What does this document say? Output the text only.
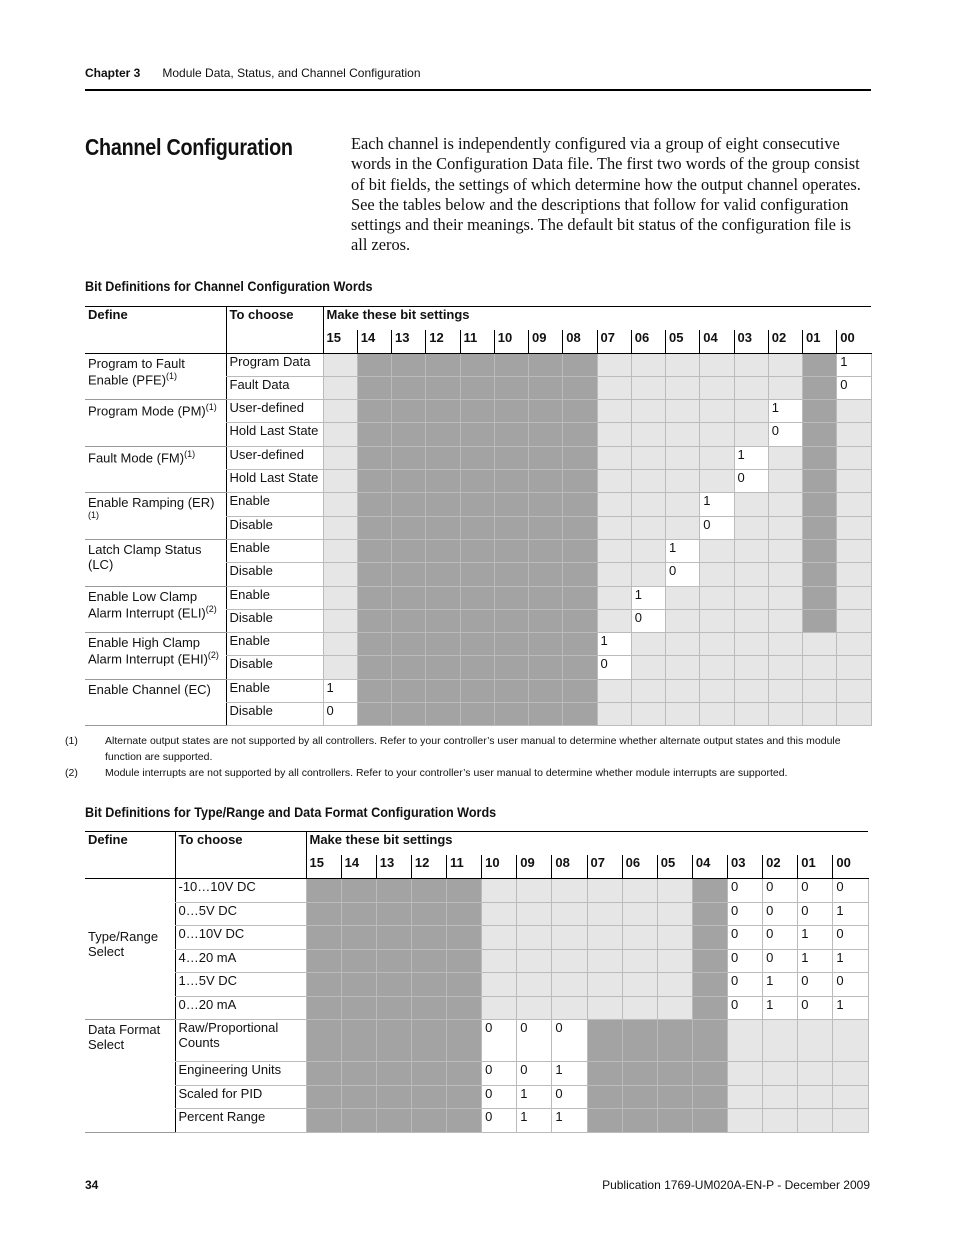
Chapter 3 Module Data, Status, and Channel Configuration
Channel Configuration	Each channel is independently configured via a group of eight consecutive words in the Configuration Data file. The first two words of the group consist of bit fields, the settings of which determine how the output channel operates. See the tables below and the descriptions that follow for valid configuration settings and their meanings. The default bit status of the configuration file is all zeros.
Bit Definitions for Channel Configuration Words
Define	To choose	Make these bit settings															
		15	14	13	12	11	10	09	08	07	06	05	04	03	02	01	00
Program to Fault Enable (PFE)$^{(1)}$	Program Data																1
	Fault Data																0
Program Mode (PM)$^{(1)}$	User-defined														1		
	Hold Last State														0		
Fault Mode (FM)$^{(1)}$	User-defined													1			
	Hold Last State													0			
Enable Ramping (ER)$^{(1)}$	Enable												1				
	Disable												0				
Latch Clamp Status (LC)	Enable											1					
	Disable											0					
Enable Low Clamp Alarm Interrupt (ELI)$^{(2)}$	Enable										1						
	Disable										0						
Enable High Clamp Alarm Interrupt (EHI)$^{(2)}$	Enable									1							
	Disable									0							
Enable Channel (EC)	Enable	1															
	Disable	0															
(1)	Alternate output states are not supported by all controllers. Refer to your controller’s user manual to determine whether alternate output states and this module function are supported.
(2)	Module interrupts are not supported by all controllers. Refer to your controller’s user manual to determine whether module interrupts are supported.
Bit Definitions for Type/Range and Data Format Configuration Words
Define	To choose	Make these bit settings															
		15	14	13	12	11	10	09	08	07	06	05	04	03	02	01	00
Type/Range Select	-10…10V DC													0	0	0	0
	0…5V DC													0	0	0	1
	0…10V DC													0	0	1	0
	4…20 mA													0	0	1	1
	1…5V DC													0	1	0	0
	0…20 mA													0	1	0	1
Data Format Select	Raw/Proportional Counts						0	0	0								
	Engineering Units						0	0	1								
	Scaled for PID						0	1	0								
	Percent Range						0	1	1								
34	Publication 1769-UM020A-EN-P - December 2009
